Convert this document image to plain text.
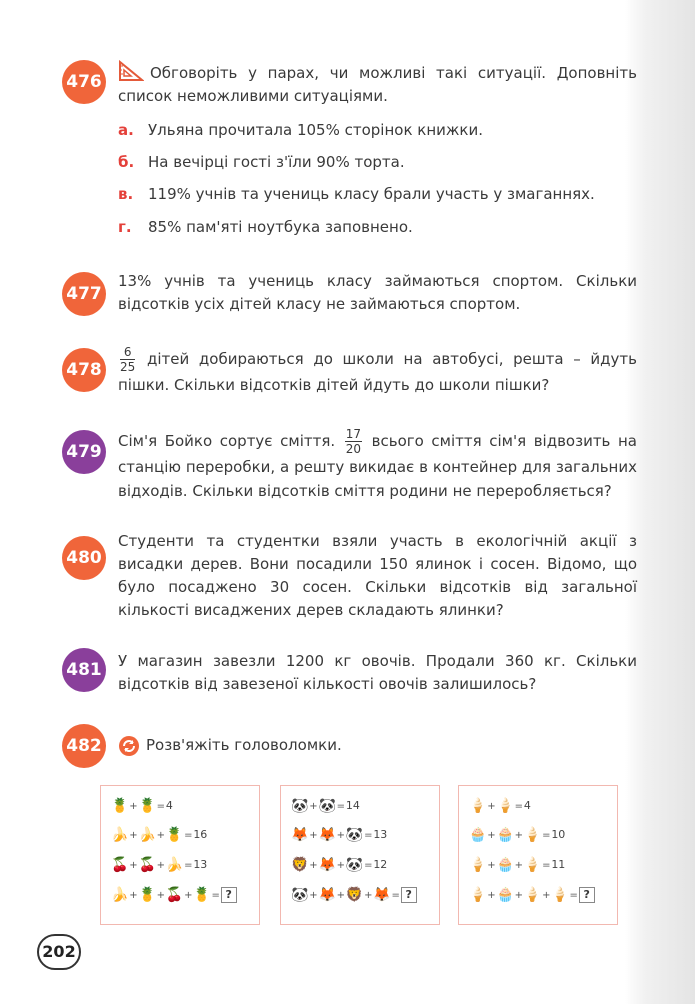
476	Обговоріть у парах, чи можливі такі ситуації. Доповніть список неможливими ситуаціями.
а. Ульяна прочитала 105% сторінок книжки.
б. На вечірці гості з'їли 90% торта.
в. 119% учнів та учениць класу брали участь у змаганнях.
г. 85% пам'яті ноутбука заповнено.
477
13% учнів та учениць класу займаються спортом. Скільки відсотків усіх дітей класу не займаються спортом.
478	$\frac{6}{25}$ дітей добираються до школи на автобусі, решта – йдуть пішки. Скільки відсотків дітей йдуть до школи пішки?
479
Сім'я Бойко сортує сміття. $\frac{17}{20}$ всього сміття сім'я відвозить на станцію переробки, а решту викидає в контейнер для загальних відходів. Скільки відсотків сміття родини не переробляється?
480
Студенти та студентки взяли участь в екологічній акції з висадки дерев. Вони посадили 150 ялинок і сосен. Відомо, що було посаджено 30 сосен. Скільки відсотків від загальної кількості висаджених дерев складають ялинки?
481 У магазин завезли 1200 кг овочів. Продали 360 кг. Скільки відсотків від завезеної кількості овочів залишилось?
482	Розв'яжіть головоломки.
🍍+🍍=4
🍌+🍌+🍍=16
🍒+🍒+🍌=13
🍌+🍍+🍒+🍍= ?
🐼+🐼=14
🦊+🦊+🐼=13
🦁+🦊+🐼=12
🐼+🦊+🦁+🦊= ?
🍦+🍦=4
🧁+🧁+🍦=10
🍦+🧁+🍦=11
🍦+🧁+🍦+🍦= ?
202
